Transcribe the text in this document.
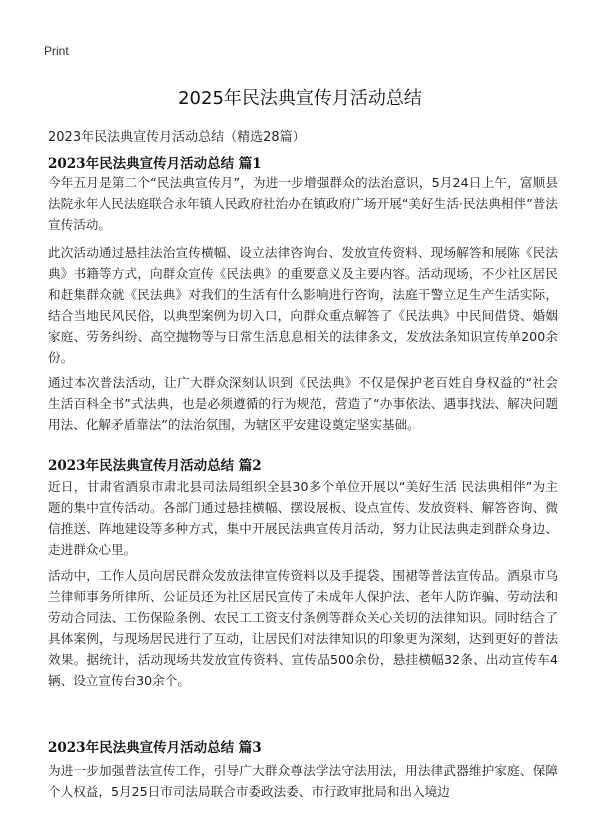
Print
2025年民法典宣传月活动总结
2023年民法典宣传月活动总结（精选28篇）
2023年民法典宣传月活动总结 篇1

今年五月是第二个“民法典宣传月”，为进一步增强群众的法治意识，5月24日上午，富顺县法院永年人民法庭联合永年镇人民政府社治办在镇政府广场开展“美好生活·民法典相伴”普法宣传活动。

此次活动通过悬挂法治宣传横幅、设立法律咨询台、发放宣传资料、现场解答和展陈《民法典》书籍等方式，向群众宣传《民法典》的重要意义及主要内容。活动现场，不少社区居民和赶集群众就《民法典》对我们的生活有什么影响进行咨询，法庭干警立足生产生活实际，结合当地民风民俗，以典型案例为切入口，向群众重点解答了《民法典》中民间借贷、婚姻家庭、劳务纠纷、高空抛物等与日常生活息息相关的法律条文，发放法条知识宣传单200余份。

通过本次普法活动，让广大群众深刻认识到《民法典》不仅是保护老百姓自身权益的“社会生活百科全书”式法典，也是必须遵循的行为规范，营造了“办事依法、遇事找法、解决问题用法、化解矛盾靠法”的法治氛围，为辖区平安建设奠定坚实基础。

2023年民法典宣传月活动总结 篇2

近日，甘肃省酒泉市肃北县司法局组织全县30多个单位开展以“美好生活 民法典相伴”为主题的集中宣传活动。各部门通过悬挂横幅、摆设展板、设点宣传、发放资料、解答咨询、微信推送、阵地建设等多种方式，集中开展民法典宣传月活动，努力让民法典走到群众身边、走进群众心里。

活动中，工作人员向居民群众发放法律宣传资料以及手提袋、围裙等普法宣传品。酒泉市乌兰律师事务所律所、公证员还为社区居民宣传了未成年人保护法、老年人防诈骗、劳动法和劳动合同法、工伤保险条例、农民工工资支付条例等群众关心关切的法律知识。同时结合了具体案例，与现场居民进行了互动，让居民们对法律知识的印象更为深刻，达到更好的普法效果。据统计，活动现场共发放宣传资料、宣传品500余份，悬挂横幅32条、出动宣传车4辆、设立宣传台30余个。

2023年民法典宣传月活动总结 篇3

为进一步加强普法宣传工作，引导广大群众尊法学法守法用法，用法律武器维护家庭、保障个人权益，5月25日市司法局联合市委政法委、市行政审批局和出入境边
